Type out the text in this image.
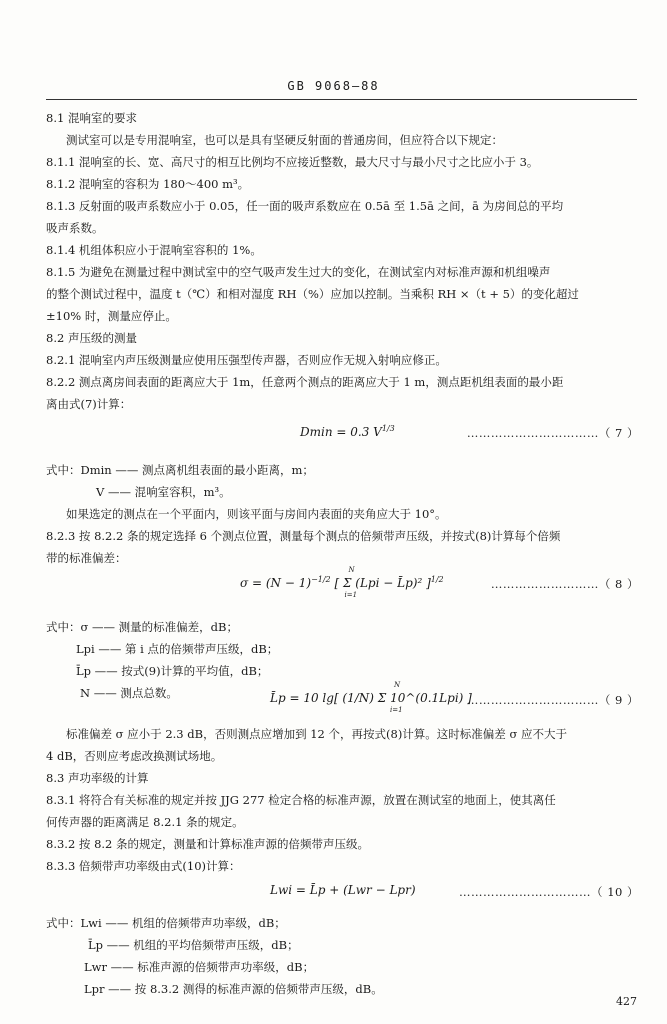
GB 9068—88
8.1 混响室的要求
测试室可以是专用混响室，也可以是具有坚硬反射面的普通房间，但应符合以下规定：
8.1.1 混响室的长、宽、高尺寸的相互比例均不应接近整数，最大尺寸与最小尺寸之比应小于 3。
8.1.2 混响室的容积为 180～400 m³。
8.1.3 反射面的吸声系数应小于 0.05，任一面的吸声系数应在 0.5ā 至 1.5ā 之间，ā 为房间总的平均
吸声系数。
8.1.4 机组体积应小于混响室容积的 1%。
8.1.5 为避免在测量过程中测试室中的空气吸声发生过大的变化，在测试室内对标准声源和机组噪声
的整个测试过程中，温度 t（℃）和相对湿度 RH（%）应加以控制。当乘积 RH ×（t + 5）的变化超过
±10% 时，测量应停止。
8.2 声压级的测量
8.2.1 混响室内声压级测量应使用压强型传声器，否则应作无规入射响应修正。
8.2.2 测点离房间表面的距离应大于 1m，任意两个测点的距离应大于 1 m，测点距机组表面的最小距
离由式(7)计算：
式中：Dmin —— 测点离机组表面的最小距离，m；
V —— 混响室容积，m³。
如果选定的测点在一个平面内，则该平面与房间内表面的夹角应大于 10°。
8.2.3 按 8.2.2 条的规定选择 6 个测点位置，测量每个测点的倍频带声压级，并按式(8)计算每个倍频
带的标准偏差：
式中：σ —— 测量的标准偏差，dB；
Lpi —— 第 i 点的倍频带声压级，dB；
L̄p —— 按式(9)计算的平均值，dB；
N —— 测点总数。
标准偏差 σ 应小于 2.3 dB，否则测点应增加到 12 个，再按式(8)计算。这时标准偏差 σ 应不大于
4 dB，否则应考虑改换测试场地。
8.3 声功率级的计算
8.3.1 将符合有关标准的规定并按 JJG 277 检定合格的标准声源，放置在测试室的地面上，使其离任
何传声器的距离满足 8.2.1 条的规定。
8.3.2 按 8.2 条的规定，测量和计算标准声源的倍频带声压级。
8.3.3 倍频带声功率级由式(10)计算：
式中：Lwi —— 机组的倍频带声功率级，dB；
L̄p —— 机组的平均倍频带声压级，dB；
Lwr —— 标准声源的倍频带声功率级，dB；
Lpr —— 按 8.3.2 测得的标准声源的倍频带声压级，dB。
Dmin = 0.3 $V^{1/3}$	……………………………（ 7 ）
$\sigma = (N - 1)^{-1/2}$ [ Σ (Lpi − L̄p)² ]
N
i=1
$^{1/2}$	………………………（ 8 ）
L̄p = 10 lg[ (1/N) Σ 10^(0.1Lpi) ]
N
i=1
……………………………（ 9 ）
Lwi = L̄p + (Lwr − Lpr)	……………………………（ 10 ）
427
